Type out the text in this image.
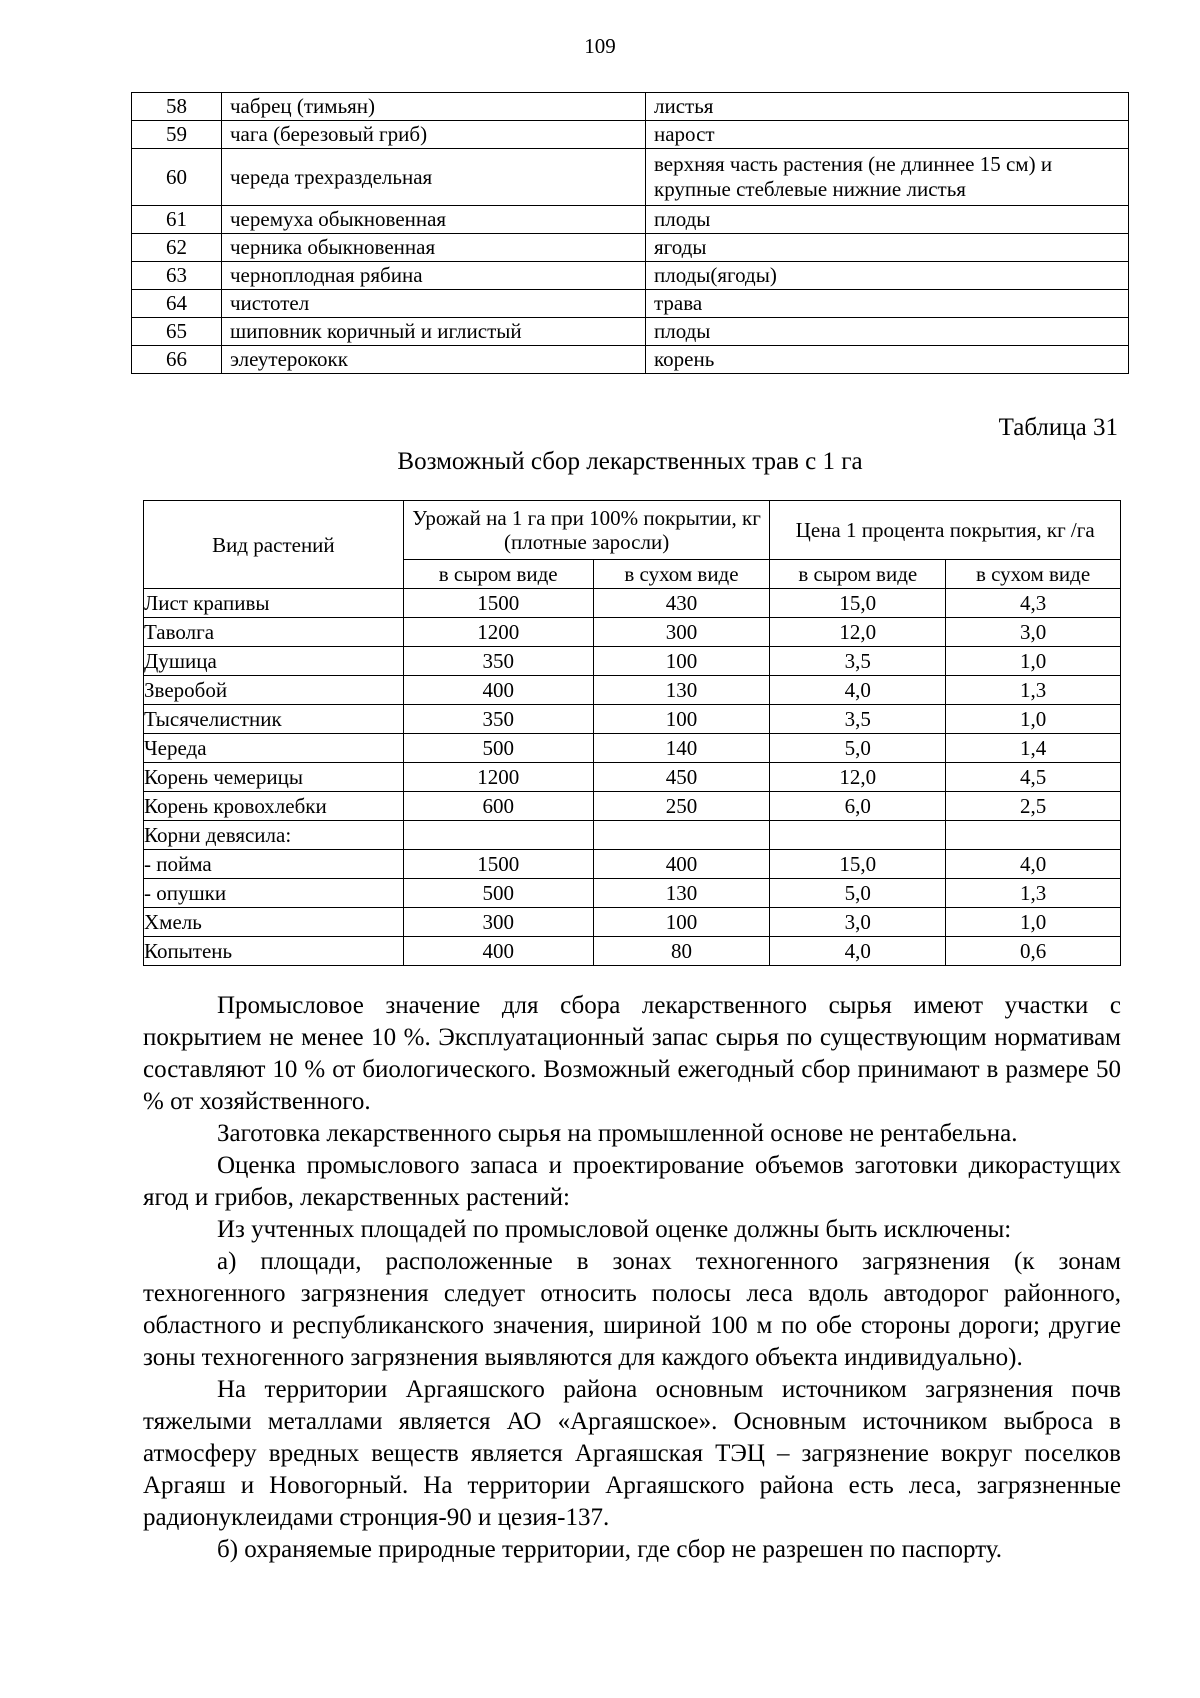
109
58	чабрец (тимьян)	листья
59	чага (березовый гриб)	нарост
60	череда трехраздельная	верхняя часть растения (не длиннее 15 см) и крупные стеблевые нижние листья
61	черемуха обыкновенная	плоды
62	черника обыкновенная	ягоды
63	черноплодная рябина	плоды(ягоды)
64	чистотел	трава
65	шиповник коричный и иглистый	плоды
66	элеутерококк	корень
Таблица 31
Возможный сбор лекарственных трав с 1 га
Вид растений	Урожай на 1 га при 100% покрытии, кг (плотные заросли)		Цена 1 процента покрытия, кг /га	
	в сыром виде	в сухом виде	в сыром виде	в сухом виде
Лист крапивы	1500	430	15,0	4,3
Таволга	1200	300	12,0	3,0
Душица	350	100	3,5	1,0
Зверобой	400	130	4,0	1,3
Тысячелистник	350	100	3,5	1,0
Череда	500	140	5,0	1,4
Корень чемерицы	1200	450	12,0	4,5
Корень кровохлебки	600	250	6,0	2,5
Корни девясила:				
- пойма	1500	400	15,0	4,0
- опушки	500	130	5,0	1,3
Хмель	300	100	3,0	1,0
Копытень	400	80	4,0	0,6

Промысловое значение для сбора лекарственного сырья имеют участки с покрытием не менее 10 %. Эксплуатационный запас сырья по существующим нормативам составляют 10 % от биологического. Возможный ежегодный сбор принимают в размере 50 % от хозяйственного.

Заготовка лекарственного сырья на промышленной основе не рентабельна.

Оценка промыслового запаса и проектирование объемов заготовки дикорастущих ягод и грибов, лекарственных растений:

Из учтенных площадей по промысловой оценке должны быть исключены:

а) площади, расположенные в зонах техногенного загрязнения (к зонам техногенного загрязнения следует относить полосы леса вдоль автодорог районного, областного и республиканского значения, шириной 100 м по обе стороны дороги; другие зоны техногенного загрязнения выявляются для каждого объекта индивидуально).

На территории Аргаяшского района основным источником загрязнения почв тяжелыми металлами является АО «Аргаяшское». Основным источником выброса в атмосферу вредных веществ является Аргаяшская ТЭЦ – загрязнение вокруг поселков Аргаяш и Новогорный. На территории Аргаяшского района есть леса, загрязненные радионуклеидами стронция-90 и цезия-137.

б) охраняемые природные территории, где сбор не разрешен по паспорту.
